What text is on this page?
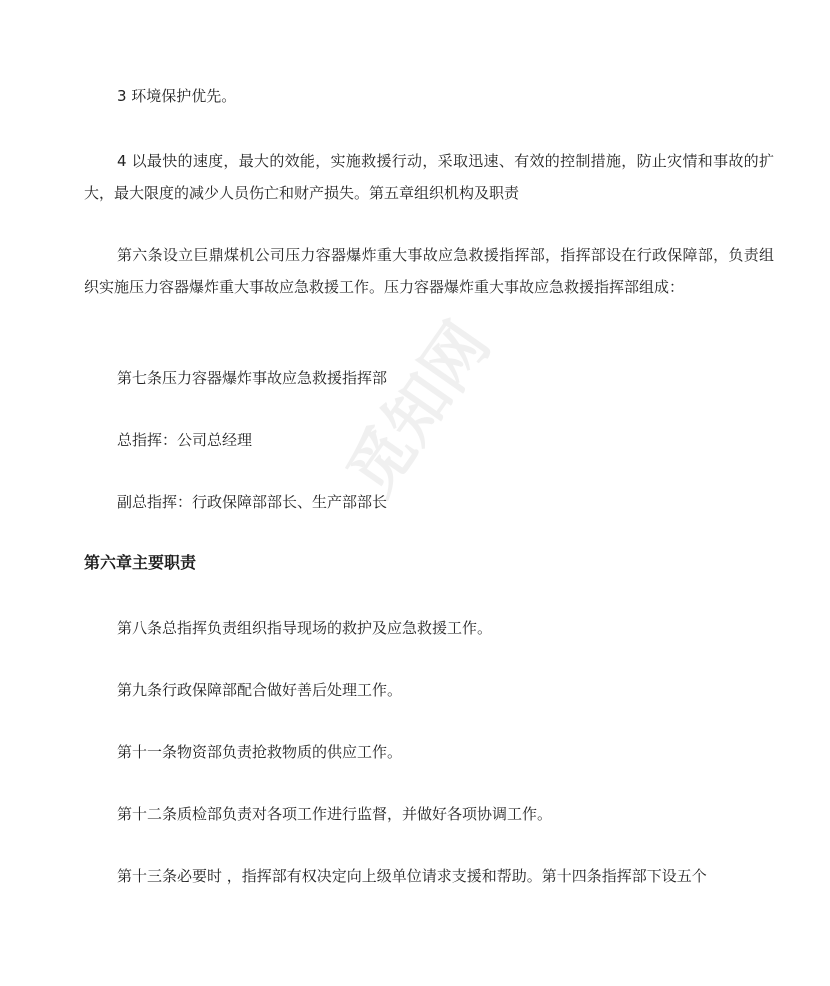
觅知网

3 环境保护优先。

4 以最快的速度，最大的效能，实施救援行动，采取迅速、有效的控制措施，防止灾情和事故的扩大，最大限度的减少人员伤亡和财产损失。第五章组织机构及职责

第六条设立巨鼎煤机公司压力容器爆炸重大事故应急救援指挥部，指挥部设在行政保障部，负责组织实施压力容器爆炸重大事故应急救援工作。压力容器爆炸重大事故应急救援指挥部组成：

第七条压力容器爆炸事故应急救援指挥部

总指挥：公司总经理

副总指挥：行政保障部部长、生产部部长

第六章主要职责

第八条总指挥负责组织指导现场的救护及应急救援工作。

第九条行政保障部配合做好善后处理工作。

第十一条物资部负责抢救物质的供应工作。

第十二条质检部负责对各项工作进行监督，并做好各项协调工作。

第十三条必要时 ，指挥部有权决定向上级单位请求支援和帮助。第十四条指挥部下设五个
